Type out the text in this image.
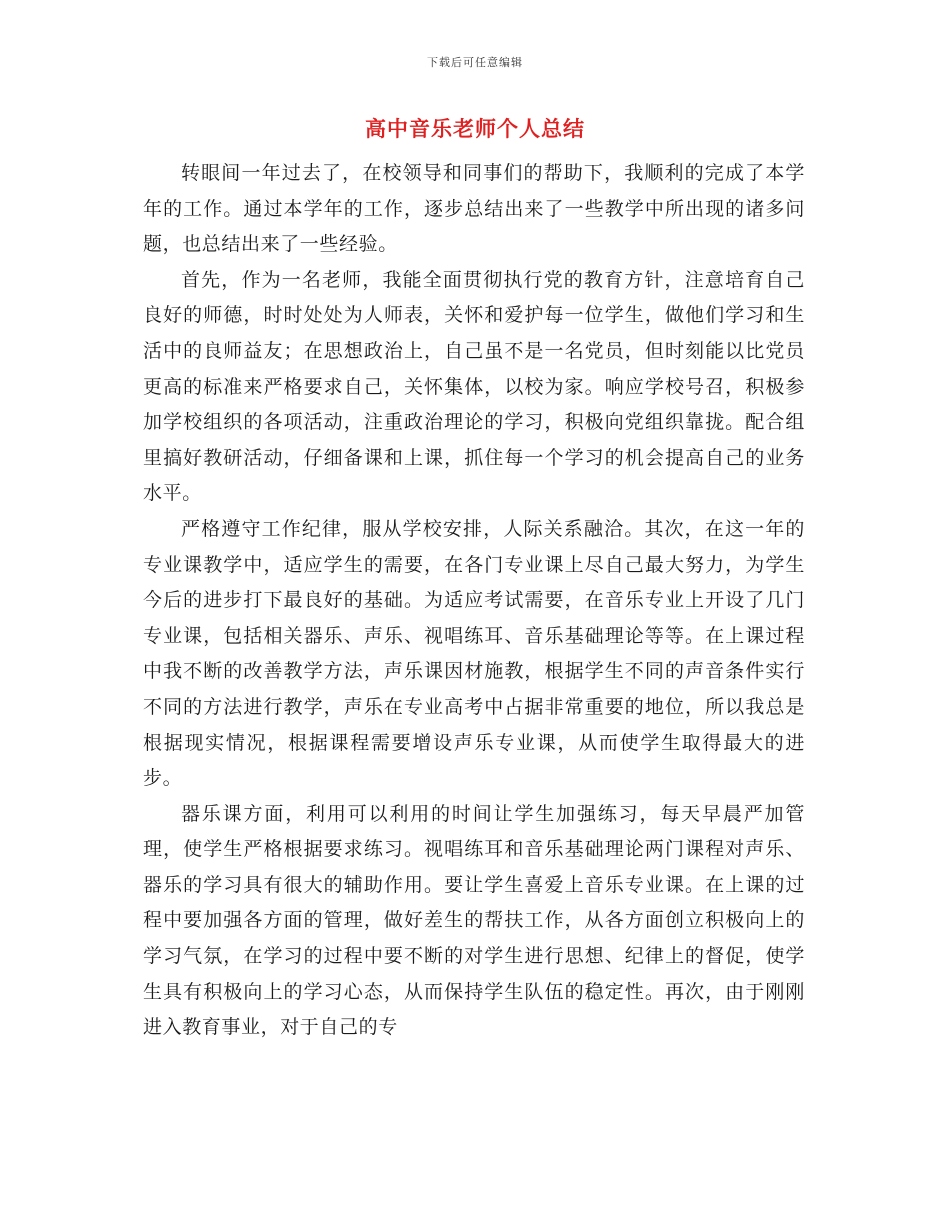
下载后可任意编辑
高中音乐老师个人总结

转眼间一年过去了，在校领导和同事们的帮助下，我顺利的完成了本学年的工作。通过本学年的工作，逐步总结出来了一些教学中所出现的诸多问题，也总结出来了一些经验。

首先，作为一名老师，我能全面贯彻执行党的教育方针，注意培育自己良好的师德，时时处处为人师表，关怀和爱护每一位学生，做他们学习和生活中的良师益友；在思想政治上，自己虽不是一名党员，但时刻能以比党员更高的标准来严格要求自己，关怀集体，以校为家。响应学校号召，积极参加学校组织的各项活动，注重政治理论的学习，积极向党组织靠拢。配合组里搞好教研活动，仔细备课和上课，抓住每一个学习的机会提高自己的业务水平。

严格遵守工作纪律，服从学校安排，人际关系融洽。其次，在这一年的专业课教学中，适应学生的需要，在各门专业课上尽自己最大努力，为学生今后的进步打下最良好的基础。为适应考试需要，在音乐专业上开设了几门专业课，包括相关器乐、声乐、视唱练耳、音乐基础理论等等。在上课过程中我不断的改善教学方法，声乐课因材施教，根据学生不同的声音条件实行不同的方法进行教学，声乐在专业高考中占据非常重要的地位，所以我总是根据现实情况，根据课程需要增设声乐专业课，从而使学生取得最大的进步。

器乐课方面，利用可以利用的时间让学生加强练习，每天早晨严加管理，使学生严格根据要求练习。视唱练耳和音乐基础理论两门课程对声乐、器乐的学习具有很大的辅助作用。要让学生喜爱上音乐专业课。在上课的过程中要加强各方面的管理，做好差生的帮扶工作，从各方面创立积极向上的学习气氛，在学习的过程中要不断的对学生进行思想、纪律上的督促，使学生具有积极向上的学习心态，从而保持学生队伍的稳定性。再次，由于刚刚进入教育事业，对于自己的专
